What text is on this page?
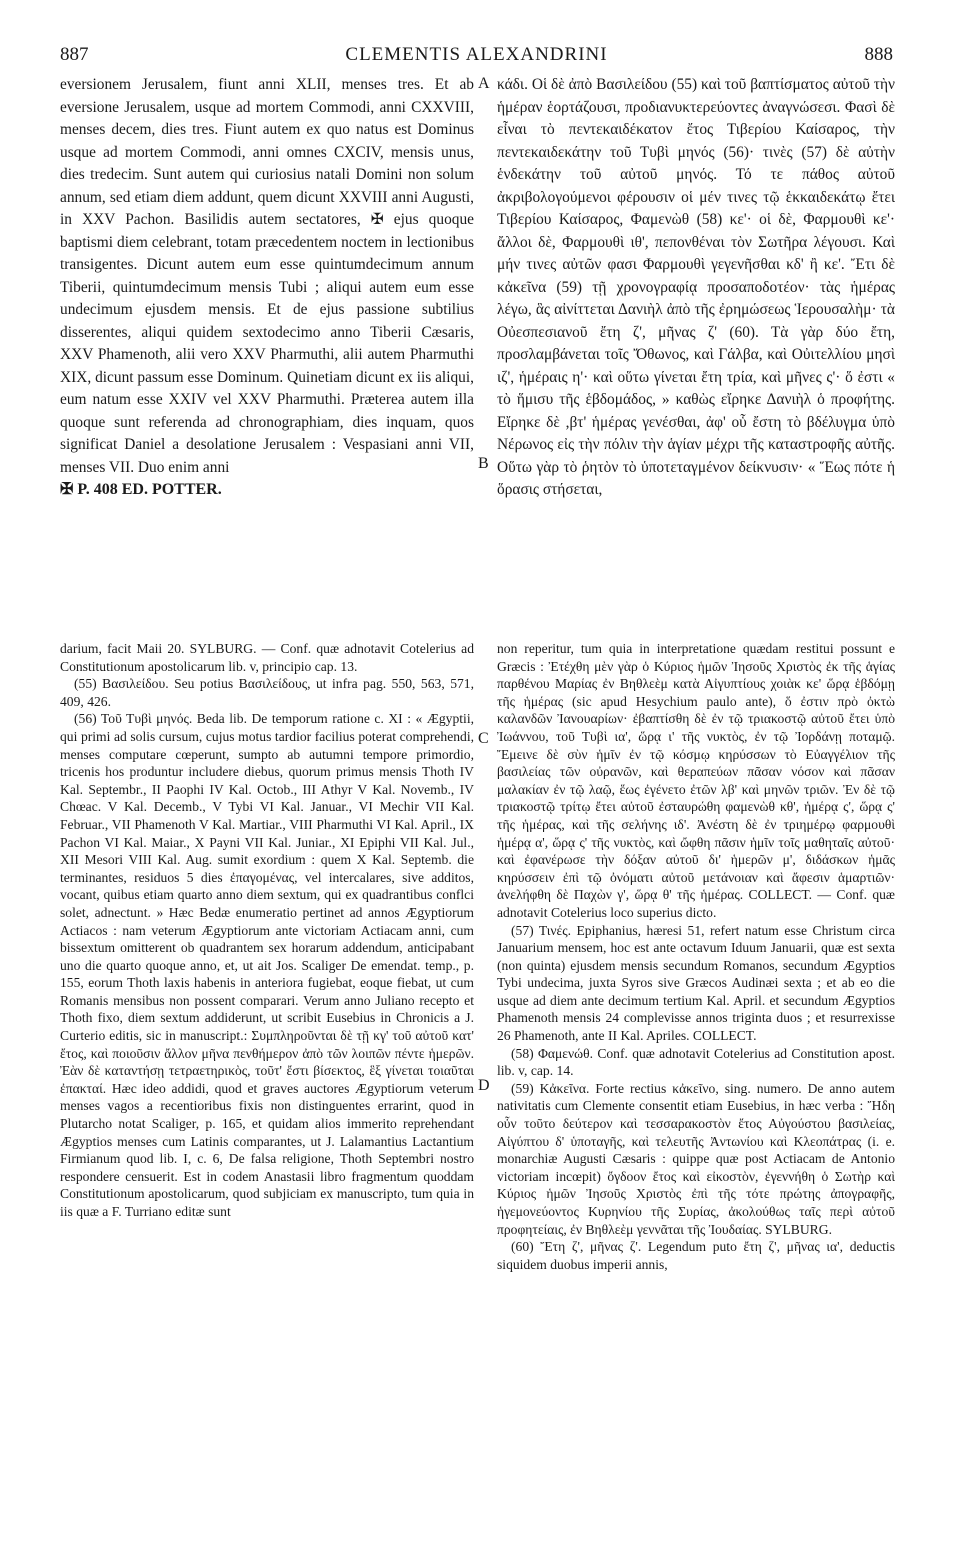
887	CLEMENTIS ALEXANDRINI	888
A
B
C
D

eversionem Jerusalem, fiunt anni XLII, menses tres. Et ab eversione Jerusalem, usque ad mortem Commodi, anni CXXVIII, menses decem, dies tres. Fiunt autem ex quo natus est Dominus usque ad mortem Commodi, anni omnes CXCIV, mensis unus, dies tredecim. Sunt autem qui curiosius natali Domini non solum annum, sed etiam diem addunt, quem dicunt XXVIII anni Augusti, in XXV Pachon. Basilidis autem sectatores, ✠ ejus quoque baptismi diem celebrant, totam præcedentem noctem in lectionibus transigentes. Dicunt autem eum esse quintumdecimum annum Tiberii, quintumdecimum mensis Tubi ; aliqui autem eum esse undecimum ejusdem mensis. Et de ejus passione subtilius disserentes, aliqui quidem sextodecimo anno Tiberii Cæsaris, XXV Phamenoth, alii vero XXV Pharmuthi, alii autem Pharmuthi XIX, dicunt passum esse Dominum. Quinetiam dicunt ex iis aliqui, eum natum esse XXIV vel XXV Pharmuthi. Præterea autem illa quoque sunt referenda ad chronographiam, dies inquam, quos significat Daniel a desolatione Jerusalem : Vespasiani anni VII, menses VII. Duo enim anni

✠ P. 408 ED. POTTER.

κάδι. Οἱ δὲ ἀπὸ Βασιλείδου (55) καὶ τοῦ βαπτίσματος αὐτοῦ τὴν ἡμέραν ἑορτάζουσι, προδιανυκτερεύοντες ἀναγνώσεσι. Φασὶ δὲ εἶναι τὸ πεντεκαιδέκατον ἔτος Τιβερίου Καίσαρος, τὴν πεντεκαιδεκάτην τοῦ Τυβὶ μηνός (56)· τινὲς (57) δὲ αὐτὴν ἑνδεκάτην τοῦ αὐτοῦ μηνός. Τό τε πάθος αὐτοῦ ἀκριβολογούμενοι φέρουσιν οἱ μέν τινες τῷ ἑκκαιδεκάτῳ ἔτει Τιβερίου Καίσαρος, Φαμενὼθ (58) κε'· οἱ δὲ, Φαρμουθὶ κε'· ἄλλοι δὲ, Φαρμουθὶ ιθ', πεπονθέναι τὸν Σωτῆρα λέγουσι. Καὶ μήν τινες αὐτῶν φασι Φαρμουθὶ γεγενῆσθαι κδ' ἢ κε'. Ἔτι δὲ κἀκεῖνα (59) τῇ χρονογραφίᾳ προσαποδοτέον· τὰς ἡμέρας λέγω, ἃς αἰνίττεται Δανιὴλ ἀπὸ τῆς ἐρημώσεως Ἱερουσαλὴμ· τὰ Οὐεσπεσιανοῦ ἔτη ζ', μῆνας ζ' (60). Τὰ γὰρ δύο ἔτη, προσλαμβάνεται τοῖς Ὄθωνος, καὶ Γάλβα, καὶ Οὐιτελλίου μησὶ ιζ', ἡμέραις η'· καὶ οὕτω γίνεται ἔτη τρία, καὶ μῆνες ς'· ὅ ἐστι « τὸ ἥμισυ τῆς ἑβδομάδος, » καθὼς εἴρηκε Δανιὴλ ὁ προφήτης. Εἴρηκε δὲ ,βτ' ἡμέρας γενέσθαι, ἀφ' οὗ ἔστη τὸ βδέλυγμα ὑπὸ Νέρωνος εἰς τὴν πόλιν τὴν ἁγίαν μέχρι τῆς καταστροφῆς αὐτῆς. Οὕτω γὰρ τὸ ῥητὸν τὸ ὑποτεταγμένον δείκνυσιν· « Ἕως πότε ἡ ὅρασις στήσεται,

darium, facit Maii 20. SYLBURG. — Conf. quæ adnotavit Cotelerius ad Constitutionum apostolicarum lib. v, principio cap. 13.

(55) Βασιλείδου. Seu potius Βασιλείδους, ut infra pag. 550, 563, 571, 409, 426.

(56) Τοῦ Τυβὶ μηνός. Beda lib. De temporum ratione c. XI : « Ægyptii, qui primi ad solis cursum, cujus motus tardior facilius poterat comprehendi, menses computare cœperunt, sumpto ab autumni tempore primordio, tricenis hos produntur includere diebus, quorum primus mensis Thoth IV Kal. Septembr., II Paophi IV Kal. Octob., III Athyr V Kal. Novemb., IV Chœac. V Kal. Decemb., V Tybi VI Kal. Januar., VI Mechir VII Kal. Februar., VII Phamenoth V Kal. Martiar., VIII Pharmuthi VI Kal. April., IX Pachon VI Kal. Maiar., X Payni VII Kal. Junіar., XI Epiphi VII Kal. Jul., XII Mesori VIII Kal. Aug. sumit exordium : quem X Kal. Septemb. die terminantes, residuos 5 dies ἐπαγομένας, vel intercalares, sive additos, vocant, quibus etiam quarto anno diem sextum, qui ex quadrantibus conflci solet, adnectunt. » Hæc Bedæ enumeratio pertinet ad annos Ægyptiorum Actiacos : nam veterum Ægyptiorum ante victoriam Actiacam anni, cum bissextum omitterent ob quadrantem sex horarum addendum, anticipabant uno die quarto quoque anno, et, ut ait Jos. Scaliger De emendat. temp., p. 155, eorum Thoth laxis habenis in anteriora fugiebat, eoque fiebat, ut cum Romanis mensibus non possent comparari. Verum anno Juliano recepto et Thoth fixo, diem sextum addiderunt, ut scribit Eusebius in Chronicis a J. Curterio editis, sic in manuscript.: Συμπληροῦνται δὲ τῇ κγ' τοῦ αὐτοῦ κατ' ἔτος, καὶ ποιοῦσιν ἄλλον μῆνα πενθήμερον ἀπὸ τῶν λοιπῶν πέντε ἡμερῶν. Ἐὰν δὲ καταντήσῃ τετραετηρικὸς, τοῦτ' ἔστι βίσεκτος, ἓξ γίνεται τοιαῦται ἐπακταί. Hæc ideo addidi, quod et graves auctores Ægyptiorum veterum menses vagos a recentioribus fixis non distinguentes errarint, quod in Plutarcho notat Scaliger, p. 165, et quidam alios immerito reprehendant Ægyptios menses cum Latinis comparantes, ut J. Lalamantius Lactantium Firmianum quod lib. I, c. 6, De falsa religione, Thoth Septembri nostro respondere censuerit. Est in codem Anastasii libro fragmentum quoddam Constitutionum apostolicarum, quod subjiciam ex manuscripto, tum quia in iis quæ a F. Turriano editæ sunt

non reperitur, tum quia in interpretatione quædam restitui possunt e Græcis : Ἐτέχθη μὲν γὰρ ὁ Κύριος ἡμῶν Ἰησοῦς Χριστὸς ἐκ τῆς ἁγίας παρθένου Μαρίας ἐν Βηθλεὲμ κατὰ Αἰγυπτίους χοιὰκ κε' ὥρᾳ ἑβδόμῃ τῆς ἡμέρας (sic apud Hesychium paulo ante), ὅ ἐστιν πρὸ ὀκτὼ καλανδῶν Ἰανουαρίων· ἐβαπτίσθη δὲ ἐν τῷ τριακοστῷ αὐτοῦ ἔτει ὑπὸ Ἰωάννου, τοῦ Τυβὶ ια', ὥρᾳ ι' τῆς νυκτὸς, ἐν τῷ Ἰορδάνῃ ποταμῷ. Ἔμεινε δὲ σὺν ἡμῖν ἐν τῷ κόσμῳ κηρύσσων τὸ Εὐαγγέλιον τῆς βασιλείας τῶν οὐρανῶν, καὶ θεραπεύων πᾶσαν νόσον καὶ πᾶσαν μαλακίαν ἐν τῷ λαῷ, ἕως ἐγένετο ἐτῶν λβ' καὶ μηνῶν τριῶν. Ἐν δὲ τῷ τριακοστῷ τρίτῳ ἔτει αὐτοῦ ἐσταυρώθη φαμενὼθ κθ', ἡμέρᾳ ς', ὥρᾳ ς' τῆς ἡμέρας, καὶ τῆς σελήνης ιδ'. Ἀνέστη δὲ ἐν τριημέρῳ φαρμουθὶ ἡμέρᾳ α', ὥρᾳ ς' τῆς νυκτὸς, καὶ ὤφθη πᾶσιν ἡμῖν τοῖς μαθηταῖς αὐτοῦ· καὶ ἐφανέρωσε τὴν δόξαν αὐτοῦ δι' ἡμερῶν μ', διδάσκων ἡμᾶς κηρύσσειν ἐπὶ τῷ ὀνόματι αὐτοῦ μετάνοιαν καὶ ἄφεσιν ἁμαρτιῶν· ἀνελήφθη δὲ Παχὼν γ', ὥρᾳ θ' τῆς ἡμέρας. COLLECT. — Conf. quæ adnotavit Cotelerius loco superius dicto.

(57) Τινές. Epiphanius, hæresi 51, refert natum esse Christum circa Januarium mensem, hoc est ante octavum Iduum Januarii, quæ est sexta (non quinta) ejusdem mensis secundum Romanos, secundum Ægyptios Tybi undecima, juxta Syros sive Græcos Audinæi sexta ; et ab eo die usque ad diem ante decimum tertium Kal. April. et secundum Ægyptios Phamenoth mensis 24 complevisse annos triginta duos ; et resurrexisse 26 Phamenoth, ante II Kal. Apriles. COLLECT.

(58) Φαμενώθ. Conf. quæ adnotavit Cotelerius ad Constitution apost. lib. v, cap. 14.

(59) Κἀκεῖνα. Forte rectius κἀκεῖνο, sing. numero. De anno autem nativitatis cum Clemente consentit etiam Eusebius, in hæc verba : Ἤδη οὖν τοῦτο δεύτερον καὶ τεσσαρακοστὸν ἔτος Αὐγούστου βασιλείας, Αἰγύπτου δ' ὑποταγῆς, καὶ τελευτῆς Ἀντωνίου καὶ Κλεοπάτρας (i. e. monarchiæ Augusti Cæsaris : quippe quæ post Actiacam de Antonio victoriam incœpit) ὄγδοον ἔτος καὶ εἰκοστὸν, ἐγεννήθη ὁ Σωτὴρ καὶ Κύριος ἡμῶν Ἰησοῦς Χριστὸς ἐπὶ τῆς τότε πρώτης ἀπογραφῆς, ἡγεμονεύοντος Κυρηνίου τῆς Συρίας, ἀκολούθως ταῖς περὶ αὐτοῦ προφητείαις, ἐν Βηθλεὲμ γεννᾶται τῆς Ἰουδαίας. SYLBURG.

(60) Ἔτη ζ', μῆνας ζ'. Legendum puto ἔτη ζ', μῆνας ια', deductis siquidem duobus imperii annis,
